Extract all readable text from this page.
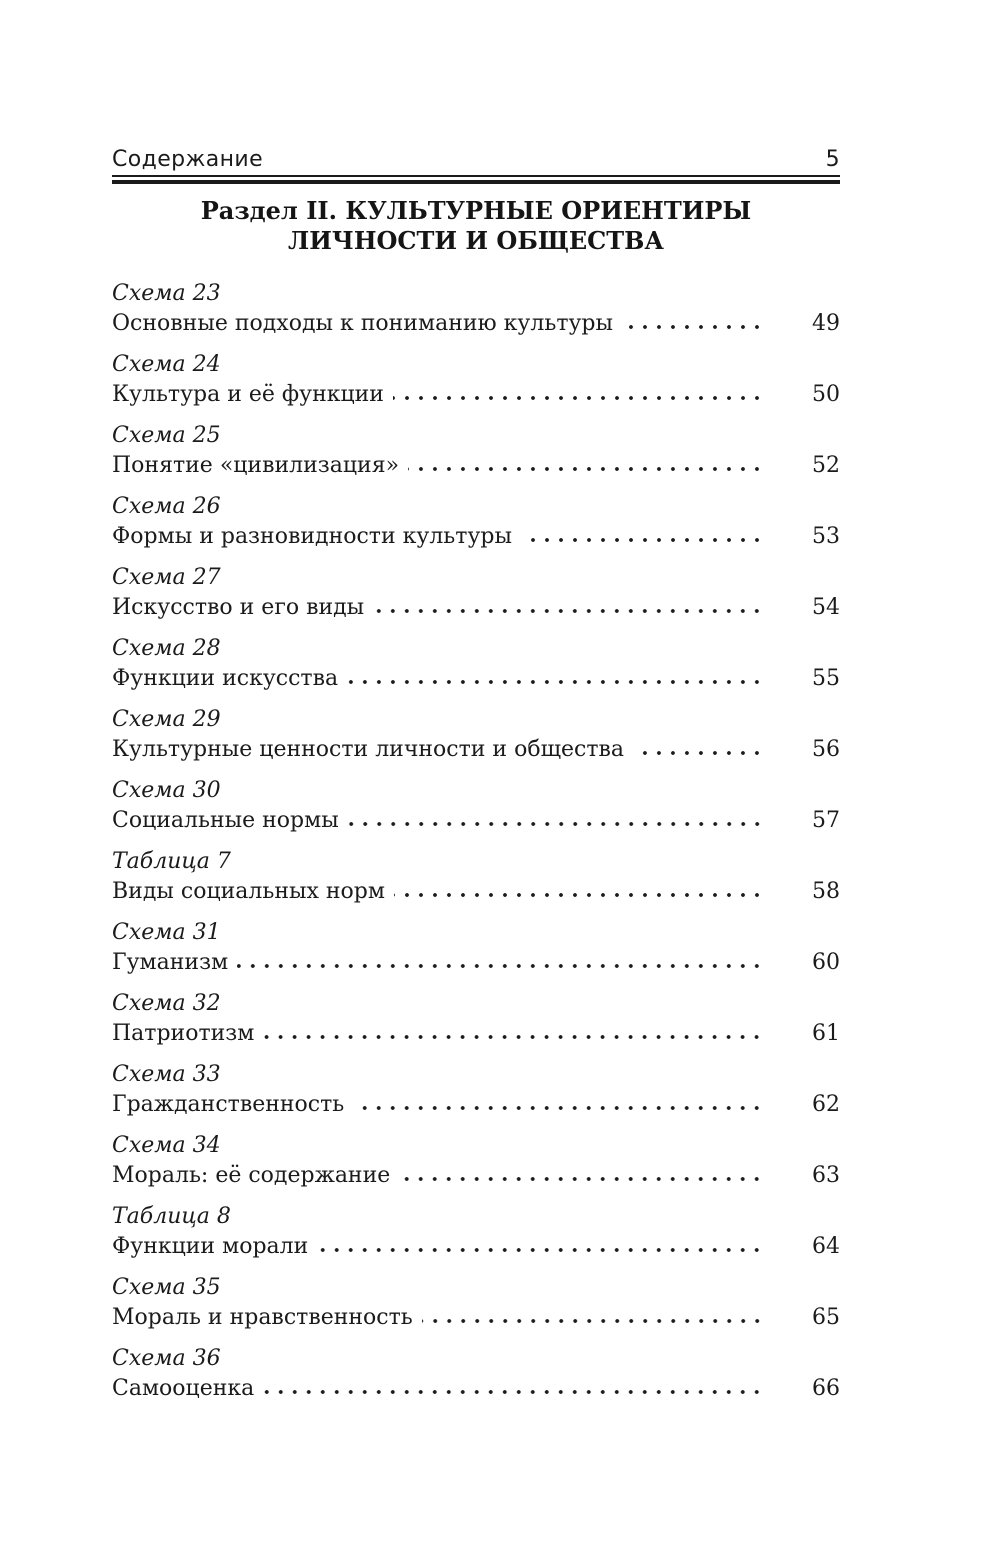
Содержание	5
Раздел II. КУЛЬТУРНЫЕ ОРИЕНТИРЫ
ЛИЧНОСТИ И ОБЩЕСТВА
Схема 23
Основные подходы к пониманию культуры	49
Схема 24
Культура и её функции	50
Схема 25
Понятие «цивилизация»	52
Схема 26
Формы и разновидности культуры	53
Схема 27
Искусство и его виды	54
Схема 28
Функции искусства	55
Схема 29
Культурные ценности личности и общества	56
Схема 30
Социальные нормы	57
Таблица 7
Виды социальных норм	58
Схема 31
Гуманизм	60
Схема 32
Патриотизм	61
Схема 33
Гражданственность	62
Схема 34
Мораль: её содержание	63
Таблица 8
Функции морали	64
Схема 35
Мораль и нравственность	65
Схема 36
Самооценка	66
